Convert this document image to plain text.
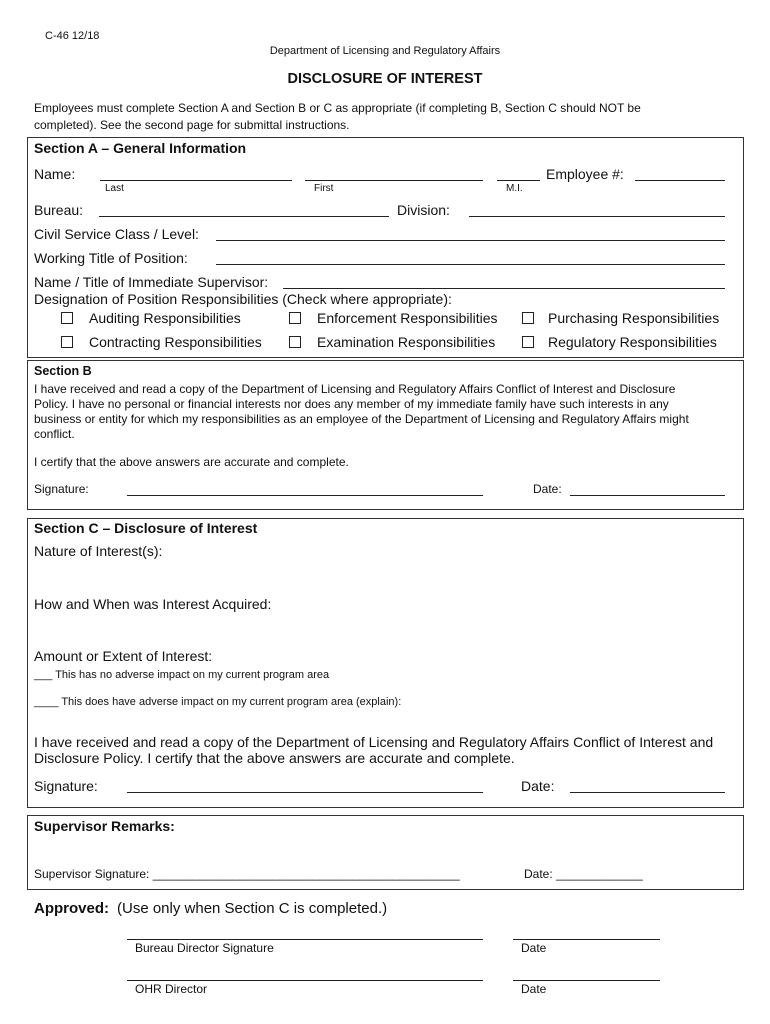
C-46 12/18
Department of Licensing and Regulatory Affairs
DISCLOSURE OF INTEREST
Employees must complete Section A and Section B or C as appropriate (if completing B, Section C should NOT be
completed). See the second page for submittal instructions.
Section A – General Information
Name:	Employee #:
Last	First	M.I.
Bureau:	Division:
Civil Service Class / Level:
Working Title of Position:
Name / Title of Immediate Supervisor:
Designation of Position Responsibilities (Check where appropriate):
Auditing Responsibilities	Enforcement Responsibilities	Purchasing Responsibilities
Contracting Responsibilities	Examination Responsibilities	Regulatory Responsibilities
Section B
I have received and read a copy of the Department of Licensing and Regulatory Affairs Conflict of Interest and Disclosure
Policy. I have no personal or financial interests nor does any member of my immediate family have such interests in any
business or entity for which my responsibilities as an employee of the Department of Licensing and Regulatory Affairs might
conflict.
I certify that the above answers are accurate and complete.
Signature:	Date:
Section C – Disclosure of Interest
Nature of Interest(s):
How and When was Interest Acquired:
Amount or Extent of Interest:
___ This has no adverse impact on my current program area
____ This does have adverse impact on my current program area (explain):
I have received and read a copy of the Department of Licensing and Regulatory Affairs Conflict of Interest and
Disclosure Policy. I certify that the above answers are accurate and complete.
Signature:	Date:
Supervisor Remarks:
Supervisor Signature: ______________________________________________	Date: _____________
Approved: (Use only when Section C is completed.)
Bureau Director Signature	Date
OHR Director	Date
